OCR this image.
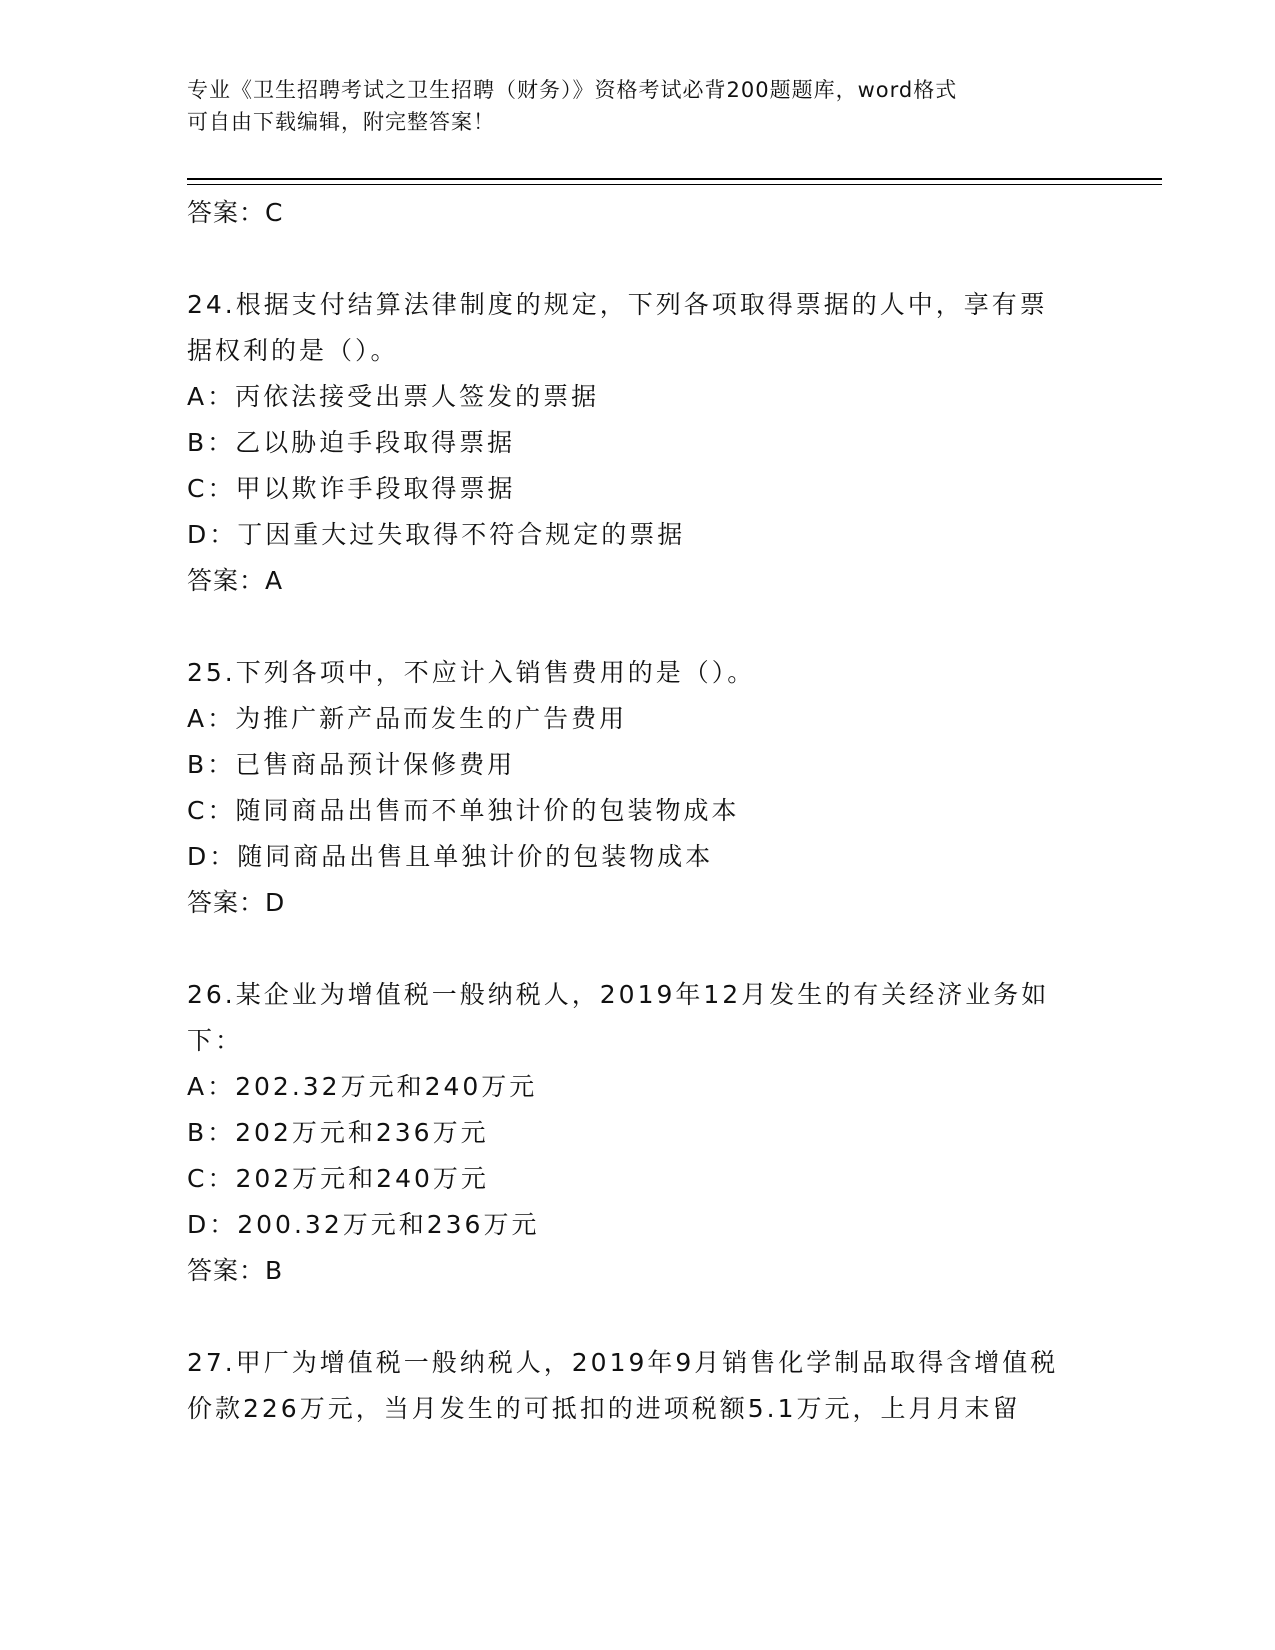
专业《卫生招聘考试之卫生招聘（财务）》资格考试必背200题题库，word格式
可自由下载编辑，附完整答案！
答案：C
24.根据支付结算法律制度的规定，下列各项取得票据的人中，享有票
据权利的是（）。
A：丙依法接受出票人签发的票据
B：乙以胁迫手段取得票据
C：甲以欺诈手段取得票据
D：丁因重大过失取得不符合规定的票据
答案：A
25.下列各项中，不应计入销售费用的是（）。
A：为推广新产品而发生的广告费用
B：已售商品预计保修费用
C：随同商品出售而不单独计价的包装物成本
D：随同商品出售且单独计价的包装物成本
答案：D
26.某企业为增值税一般纳税人，2019年12月发生的有关经济业务如
下：
A：202.32万元和240万元
B：202万元和236万元
C：202万元和240万元
D：200.32万元和236万元
答案：B
27.甲厂为增值税一般纳税人，2019年9月销售化学制品取得含增值税
价款226万元，当月发生的可抵扣的进项税额5.1万元，上月月末留
